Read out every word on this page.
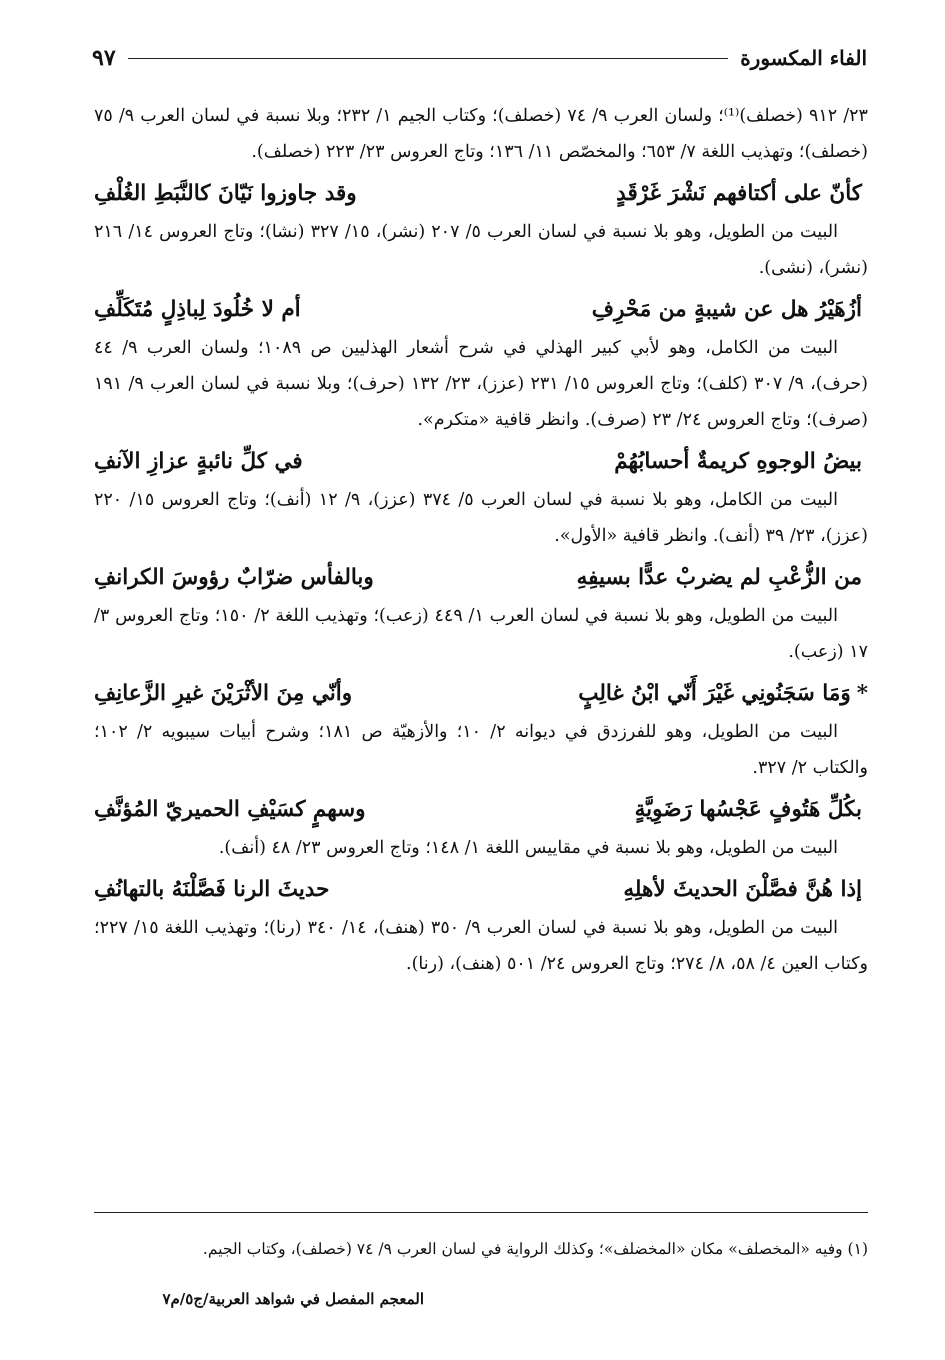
الفاء المكسورة
٩٧

٢٣/ ٩١٢ (خصلف)⁽¹⁾؛ ولسان العرب ٩/ ٧٤ (خصلف)؛ وكتاب الجيم ١/ ٢٣٢؛ وبلا نسبة في لسان العرب ٩/ ٧٥ (خصلف)؛ وتهذيب اللغة ٧/ ٦٥٣؛ والمخصّص ١١/ ١٣٦؛ وتاج العروس ٢٣/ ٢٢٣ (خصلف).

كأنّ على أكتافهم نَشْرَ غَرْقَدٍ
وقد جاوزوا نَيّانَ كالنَّبَطِ الغُلْفِ

البيت من الطويل، وهو بلا نسبة في لسان العرب ٥/ ٢٠٧ (نشر)، ١٥/ ٣٢٧ (نشا)؛ وتاج العروس ١٤/ ٢١٦ (نشر)، (نشى).

أزُهَيْرُ هل عن شيبةٍ من مَحْرِفِ
أم لا خُلُودَ لِباذِلٍ مُتَكَلِّفِ

البيت من الكامل، وهو لأبي كبير الهذلي في شرح أشعار الهذليين ص ١٠٨٩؛ ولسان العرب ٩/ ٤٤ (حرف)، ٩/ ٣٠٧ (كلف)؛ وتاج العروس ١٥/ ٢٣١ (عزز)، ٢٣/ ١٣٢ (حرف)؛ وبلا نسبة في لسان العرب ٩/ ١٩١ (صرف)؛ وتاج العروس ٢٤/ ٢٣ (صرف). وانظر قافية «متكرم».

بيضُ الوجوهِ كريمةٌ أحسابُهُمْ
في كلِّ نائبةٍ عزازِ الآنفِ

البيت من الكامل، وهو بلا نسبة في لسان العرب ٥/ ٣٧٤ (عزز)، ٩/ ١٢ (أنف)؛ وتاج العروس ١٥/ ٢٢٠ (عزز)، ٢٣/ ٣٩ (أنف). وانظر قافية «الأول».

من الزُّعْبِ لم يضربْ عدًّا بسيفِهِ
وبالفأس ضرّابٌ رؤوسَ الكرانفِ

البيت من الطويل، وهو بلا نسبة في لسان العرب ١/ ٤٤٩ (زعب)؛ وتهذيب اللغة ٢/ ١٥٠؛ وتاج العروس ٣/ ١٧ (زعب).

*وَمَا سَجَنُونِي غَيْرَ أَنّي ابْنُ غالِبٍ
وأنّي مِنَ الأثْرَيْنَ غيرِ الزَّعانِفِ

البيت من الطويل، وهو للفرزدق في ديوانه ٢/ ١٠؛ والأزهيّة ص ١٨١؛ وشرح أبيات سيبويه ٢/ ١٠٢؛ والكتاب ٢/ ٣٢٧.

بكُلِّ هَتُوفٍ عَجْسُها رَضَوِيَّةٍ
وسهمٍ كسَيْفِ الحميريّ المُؤنَّفِ

البيت من الطويل، وهو بلا نسبة في مقاييس اللغة ١/ ١٤٨؛ وتاج العروس ٢٣/ ٤٨ (أنف).

إذا هُنَّ فصَّلْنَ الحديثَ لأهلِهِ
حديثَ الرنا فَصَّلْنَهُ بالتهانُفِ

البيت من الطويل، وهو بلا نسبة في لسان العرب ٩/ ٣٥٠ (هنف)، ١٤/ ٣٤٠ (رنا)؛ وتهذيب اللغة ١٥/ ٢٢٧؛ وكتاب العين ٤/ ٥٨، ٨/ ٢٧٤؛ وتاج العروس ٢٤/ ٥٠١ (هنف)، (رنا).

(١) وفيه «المخصلف» مكان «المخضلف»؛ وكذلك الرواية في لسان العرب ٩/ ٧٤ (خصلف)، وكتاب الجيم.

المعجم المفصل في شواهد العربية/ج٥/م٧
